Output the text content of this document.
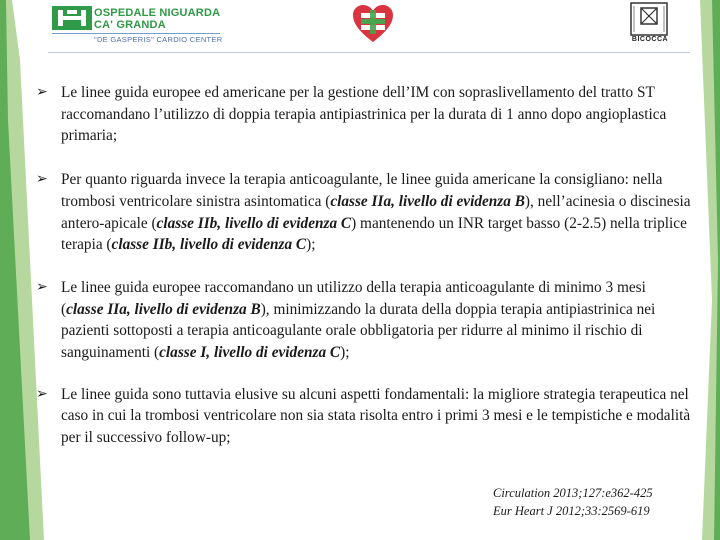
OSPEDALE NIGUARDA
CA' GRANDA
"DE GASPERIS" CARDIO CENTER	BICOCCA
➢ Le linee guida europee ed americane per la gestione dell’IM con sopraslivellamento del tratto ST raccomandano l’utilizzo di doppia terapia antipiastrinica per la durata di 1 anno dopo angioplastica primaria;
➢ Per quanto riguarda invece la terapia anticoagulante, le linee guida americane la consigliano: nella trombosi ventricolare sinistra asintomatica (classe IIa, livello di evidenza B), nell’acinesia o discinesia antero-apicale (classe IIb, livello di evidenza C) mantenendo un INR target basso (2-2.5) nella triplice terapia (classe IIb, livello di evidenza C);
➢ Le linee guida europee raccomandano un utilizzo della terapia anticoagulante di minimo 3 mesi (classe IIa, livello di evidenza B), minimizzando la durata della doppia terapia antipiastrinica nei pazienti sottoposti a terapia anticoagulante orale obbligatoria per ridurre al minimo il rischio di sanguinamenti (classe I, livello di evidenza C);
➢ Le linee guida sono tuttavia elusive su alcuni aspetti fondamentali: la migliore strategia terapeutica nel caso in cui la trombosi ventricolare non sia stata risolta entro i primi 3 mesi e le tempistiche e modalità per il successivo follow-up;
Circulation 2013;127:e362-425
Eur Heart J 2012;33:2569-619
